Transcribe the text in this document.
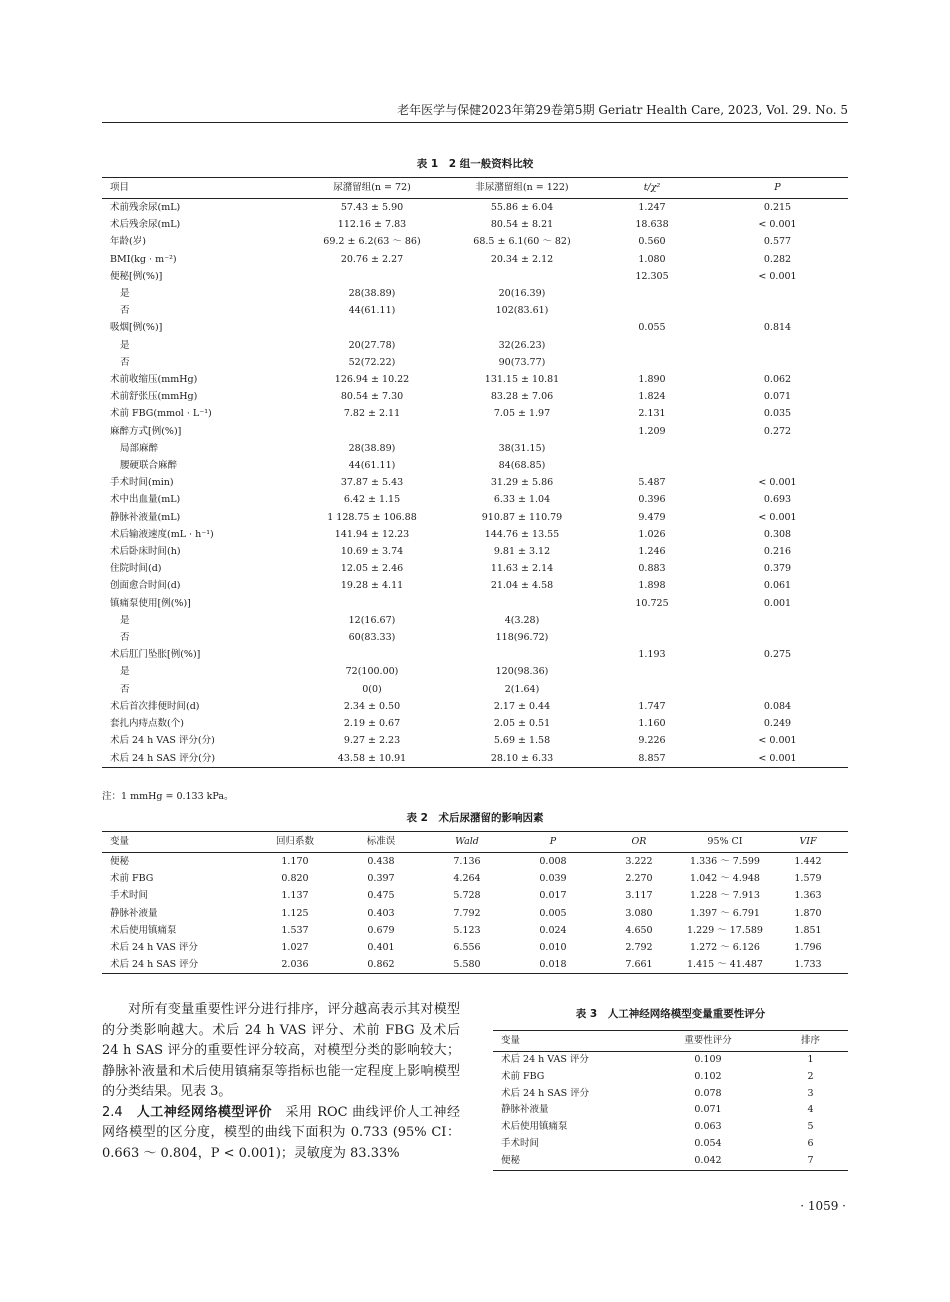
老年医学与保健2023年第29卷第5期 Geriatr Health Care, 2023, Vol. 29. No. 5
表 1　2 组一般资料比较
项目	尿潴留组(n = 72)	非尿潴留组(n = 122)	t/χ²	P
术前残余尿(mL)	57.43 ± 5.90	55.86 ± 6.04	1.247	0.215
术后残余尿(mL)	112.16 ± 7.83	80.54 ± 8.21	18.638	< 0.001
年龄(岁)	69.2 ± 6.2(63 ～ 86)	68.5 ± 6.1(60 ～ 82)	0.560	0.577
BMI(kg · m⁻²)	20.76 ± 2.27	20.34 ± 2.12	1.080	0.282
便秘[例(%)]			12.305	< 0.001
是	28(38.89)	20(16.39)		
否	44(61.11)	102(83.61)		
吸烟[例(%)]			0.055	0.814
是	20(27.78)	32(26.23)		
否	52(72.22)	90(73.77)		
术前收缩压(mmHg)	126.94 ± 10.22	131.15 ± 10.81	1.890	0.062
术前舒张压(mmHg)	80.54 ± 7.30	83.28 ± 7.06	1.824	0.071
术前 FBG(mmol · L⁻¹)	7.82 ± 2.11	7.05 ± 1.97	2.131	0.035
麻醉方式[例(%)]			1.209	0.272
局部麻醉	28(38.89)	38(31.15)		
腰硬联合麻醉	44(61.11)	84(68.85)		
手术时间(min)	37.87 ± 5.43	31.29 ± 5.86	5.487	< 0.001
术中出血量(mL)	6.42 ± 1.15	6.33 ± 1.04	0.396	0.693
静脉补液量(mL)	1 128.75 ± 106.88	910.87 ± 110.79	9.479	< 0.001
术后输液速度(mL · h⁻¹)	141.94 ± 12.23	144.76 ± 13.55	1.026	0.308
术后卧床时间(h)	10.69 ± 3.74	9.81 ± 3.12	1.246	0.216
住院时间(d)	12.05 ± 2.46	11.63 ± 2.14	0.883	0.379
创面愈合时间(d)	19.28 ± 4.11	21.04 ± 4.58	1.898	0.061
镇痛泵使用[例(%)]			10.725	0.001
是	12(16.67)	4(3.28)		
否	60(83.33)	118(96.72)		
术后肛门坠胀[例(%)]			1.193	0.275
是	72(100.00)	120(98.36)		
否	0(0)	2(1.64)		
术后首次排便时间(d)	2.34 ± 0.50	2.17 ± 0.44	1.747	0.084
套扎内痔点数(个)	2.19 ± 0.67	2.05 ± 0.51	1.160	0.249
术后 24 h VAS 评分(分)	9.27 ± 2.23	5.69 ± 1.58	9.226	< 0.001
术后 24 h SAS 评分(分)	43.58 ± 10.91	28.10 ± 6.33	8.857	< 0.001
注：1 mmHg = 0.133 kPa。
表 2　术后尿潴留的影响因素
变量	回归系数	标准误	Wald	P	OR	95% CI	VIF
便秘	1.170	0.438	7.136	0.008	3.222	1.336 ～ 7.599	1.442
术前 FBG	0.820	0.397	4.264	0.039	2.270	1.042 ～ 4.948	1.579
手术时间	1.137	0.475	5.728	0.017	3.117	1.228 ～ 7.913	1.363
静脉补液量	1.125	0.403	7.792	0.005	3.080	1.397 ～ 6.791	1.870
术后使用镇痛泵	1.537	0.679	5.123	0.024	4.650	1.229 ～ 17.589	1.851
术后 24 h VAS 评分	1.027	0.401	6.556	0.010	2.792	1.272 ～ 6.126	1.796
术后 24 h SAS 评分	2.036	0.862	5.580	0.018	7.661	1.415 ～ 41.487	1.733

对所有变量重要性评分进行排序，评分越高表示其对模型的分类影响越大。术后 24 h VAS 评分、术前 FBG 及术后 24 h SAS 评分的重要性评分较高，对模型分类的影响较大；静脉补液量和术后使用镇痛泵等指标也能一定程度上影响模型的分类结果。见表 3。

2.4　 人工神经网络模型评价　 采用 ROC 曲线评价人工神经网络模型的区分度，模型的曲线下面积为 0.733 (95% CI：0.663 ～ 0.804，P < 0.001)；灵敏度为 83.33%

表 3　人工神经网络模型变量重要性评分
变量	重要性评分	排序
术后 24 h VAS 评分	0.109	1
术前 FBG	0.102	2
术后 24 h SAS 评分	0.078	3
静脉补液量	0.071	4
术后使用镇痛泵	0.063	5
手术时间	0.054	6
便秘	0.042	7
· 1059 ·
